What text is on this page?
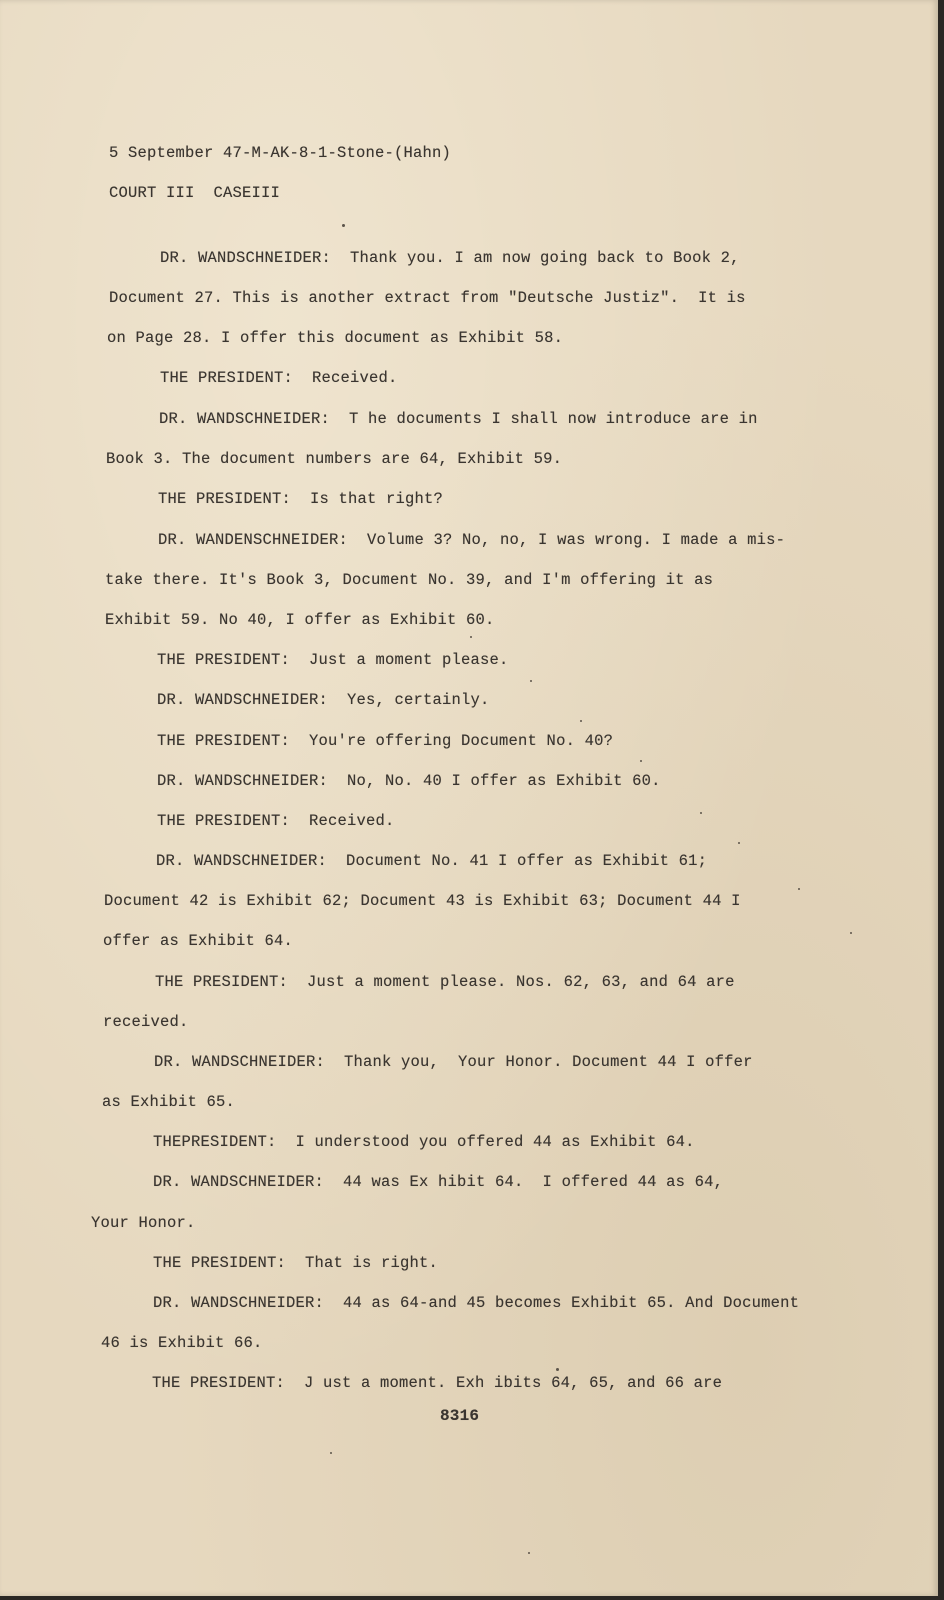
5 September 47-M-AK-8-1-Stone-(Hahn)
COURT III  CASEIII
DR. WANDSCHNEIDER:  Thank you. I am now going back to Book 2,
Document 27. This is another extract from "Deutsche Justiz".  It is
on Page 28. I offer this document as Exhibit 58.
THE PRESIDENT:  Received.
DR. WANDSCHNEIDER:  T he documents I shall now introduce are in
Book 3. The document numbers are 64, Exhibit 59.
THE PRESIDENT:  Is that right?
DR. WANDENSCHNEIDER:  Volume 3? No, no, I was wrong. I made a mis-
take there. It's Book 3, Document No. 39, and I'm offering it as
Exhibit 59. No 40, I offer as Exhibit 60.
THE PRESIDENT:  Just a moment please.
DR. WANDSCHNEIDER:  Yes, certainly.
THE PRESIDENT:  You're offering Document No. 40?
DR. WANDSCHNEIDER:  No, No. 40 I offer as Exhibit 60.
THE PRESIDENT:  Received.
DR. WANDSCHNEIDER:  Document No. 41 I offer as Exhibit 61;
Document 42 is Exhibit 62; Document 43 is Exhibit 63; Document 44 I
offer as Exhibit 64.
THE PRESIDENT:  Just a moment please. Nos. 62, 63, and 64 are
received.
DR. WANDSCHNEIDER:  Thank you,  Your Honor. Document 44 I offer
as Exhibit 65.
THEPRESIDENT:  I understood you offered 44 as Exhibit 64.
DR. WANDSCHNEIDER:  44 was Ex hibit 64.  I offered 44 as 64,
Your Honor.
THE PRESIDENT:  That is right.
DR. WANDSCHNEIDER:  44 as 64-and 45 becomes Exhibit 65. And Document
46 is Exhibit 66.
THE PRESIDENT:  J ust a moment. Exh ibits 64, 65, and 66 are
8316
